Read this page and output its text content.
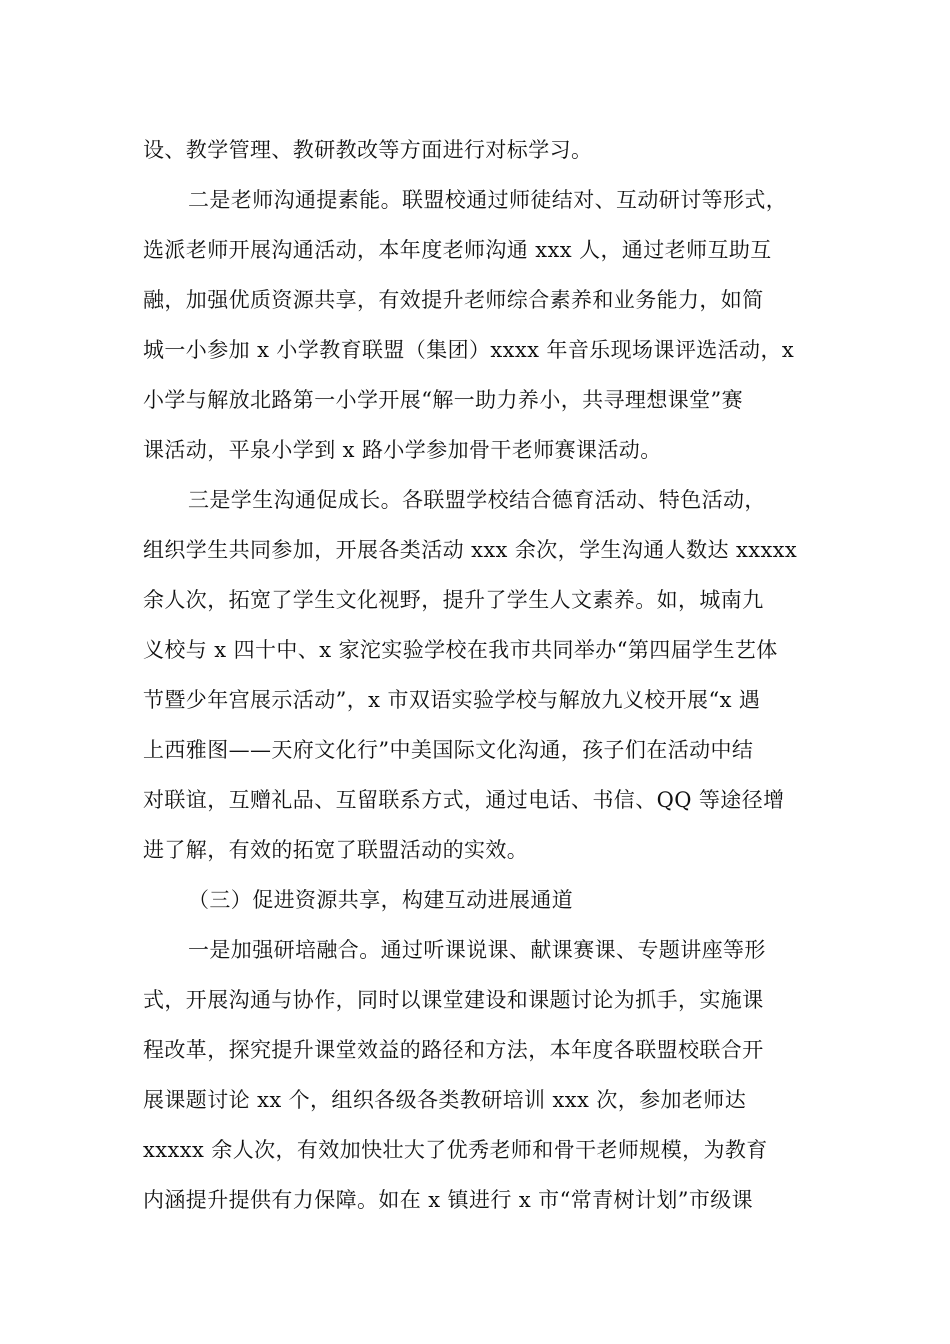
设、教学管理、教研教改等方面进行对标学习。
二是老师沟通提素能。联盟校通过师徒结对、互动研讨等形式，
选派老师开展沟通活动，本年度老师沟通 xxx 人，通过老师互助互
融，加强优质资源共享，有效提升老师综合素养和业务能力，如简
城一小参加 x 小学教育联盟（集团）xxxx 年音乐现场课评选活动，x
小学与解放北路第一小学开展“解一助力养小，共寻理想课堂”赛
课活动，平泉小学到 x 路小学参加骨干老师赛课活动。
三是学生沟通促成长。各联盟学校结合德育活动、特色活动，
组织学生共同参加，开展各类活动 xxx 余次，学生沟通人数达 xxxxx
余人次，拓宽了学生文化视野，提升了学生人文素养。如，城南九
义校与 x 四十中、x 家沱实验学校在我市共同举办“第四届学生艺体
节暨少年宫展示活动”，x 市双语实验学校与解放九义校开展“x 遇
上西雅图——天府文化行”中美国际文化沟通，孩子们在活动中结
对联谊，互赠礼品、互留联系方式，通过电话、书信、QQ 等途径增
进了解，有效的拓宽了联盟活动的实效。
（三）促进资源共享，构建互动进展通道
一是加强研培融合。通过听课说课、献课赛课、专题讲座等形
式，开展沟通与协作，同时以课堂建设和课题讨论为抓手，实施课
程改革，探究提升课堂效益的路径和方法，本年度各联盟校联合开
展课题讨论 xx 个，组织各级各类教研培训 xxx 次，参加老师达
xxxxx 余人次，有效加快壮大了优秀老师和骨干老师规模，为教育
内涵提升提供有力保障。如在 x 镇进行 x 市“常青树计划”市级课
